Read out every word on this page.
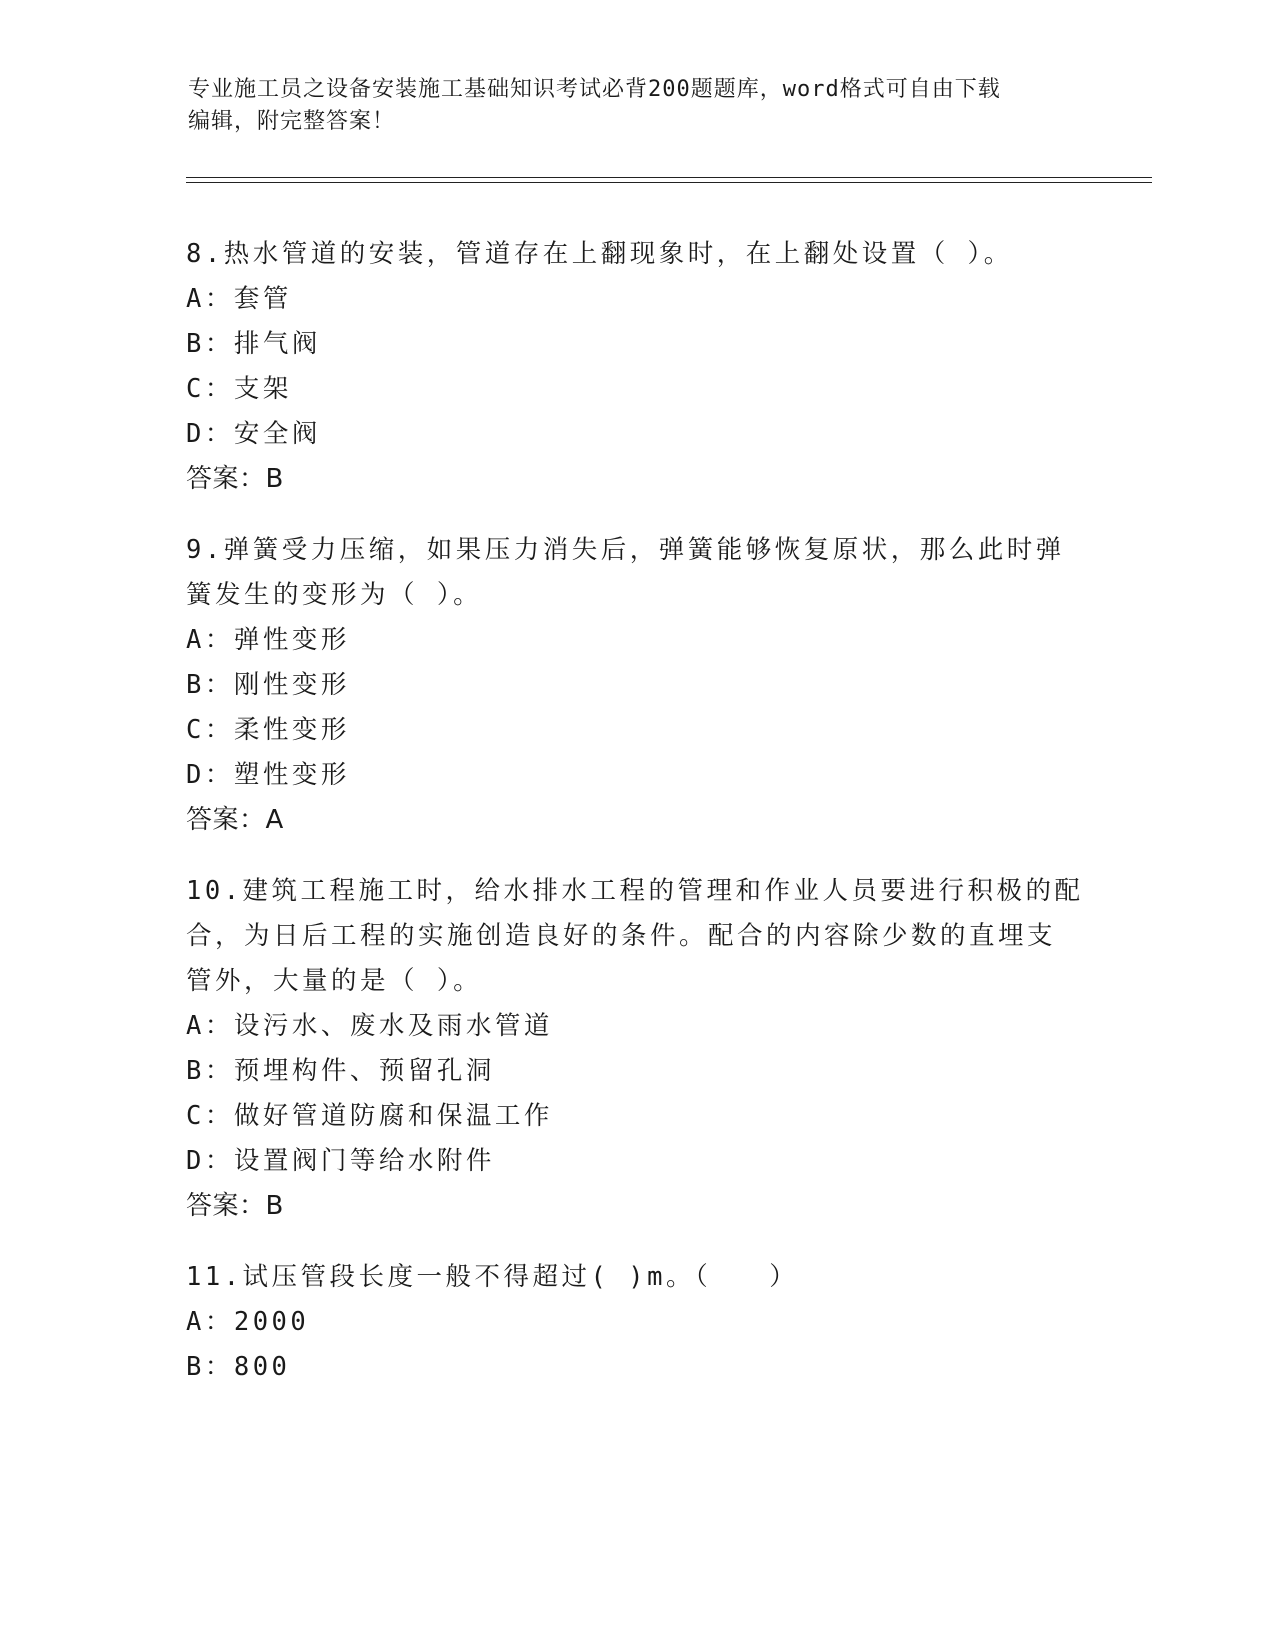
专业施工员之设备安装施工基础知识考试必背200题题库，word格式可自由下载
编辑，附完整答案！

8.热水管道的安装，管道存在上翻现象时，在上翻处设置（ ）。

A：套管

B：排气阀

C：支架

D：安全阀

答案：B

9.弹簧受力压缩，如果压力消失后，弹簧能够恢复原状，那么此时弹

簧发生的变形为（ ）。

A：弹性变形

B：刚性变形

C：柔性变形

D：塑性变形

答案：A

10.建筑工程施工时，给水排水工程的管理和作业人员要进行积极的配

合，为日后工程的实施创造良好的条件。配合的内容除少数的直埋支

管外，大量的是（ ）。

A：设污水、废水及雨水管道

B：预埋构件、预留孔洞

C：做好管道防腐和保温工作

D：设置阀门等给水附件

答案：B

11.试压管段长度一般不得超过( )m。（　　）

A：2000

B：800
